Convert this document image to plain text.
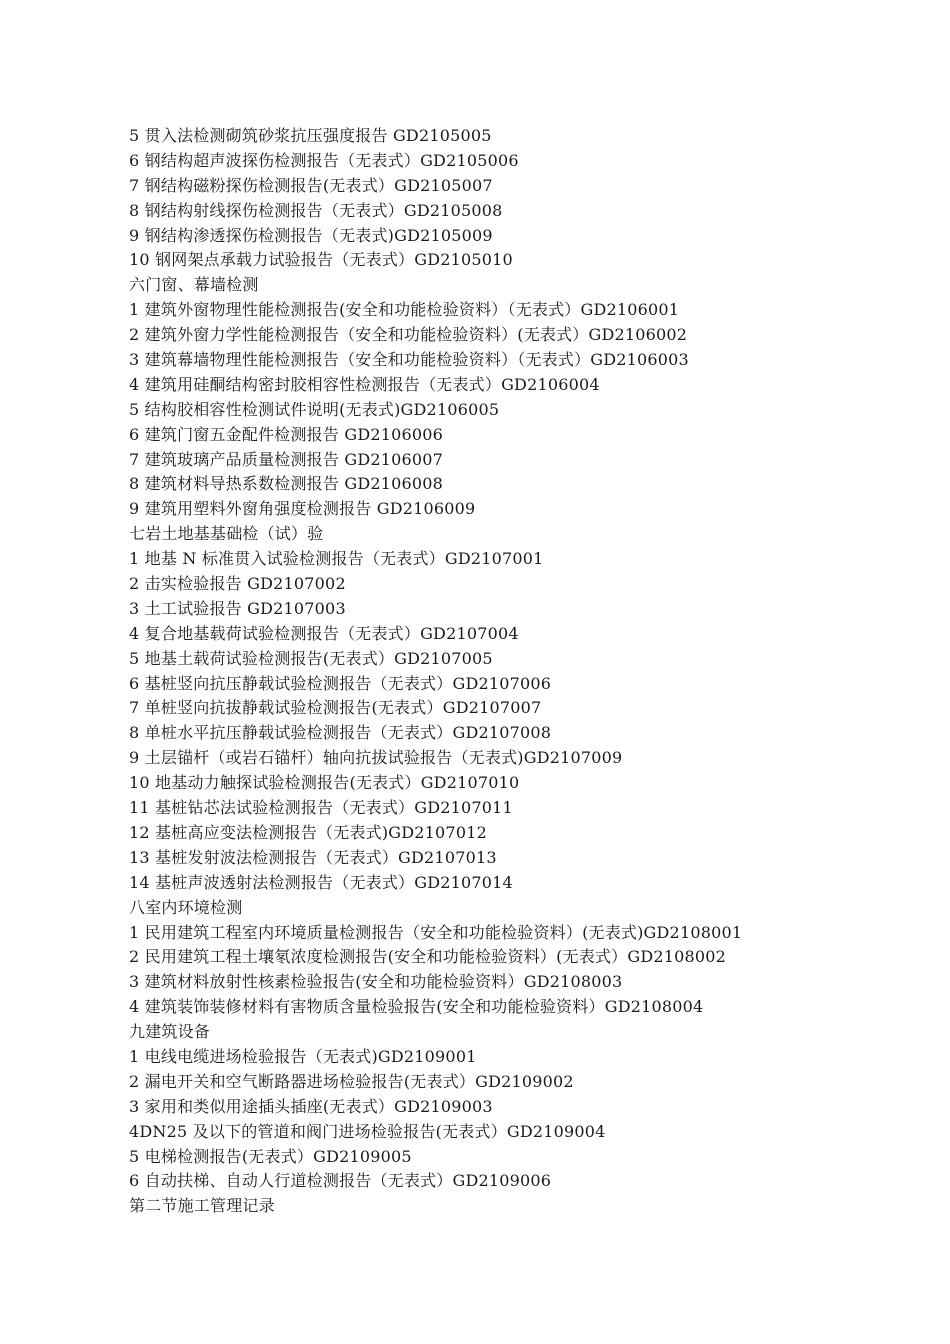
5 贯入法检测砌筑砂浆抗压强度报告 GD2105005
6 钢结构超声波探伤检测报告（无表式）GD2105006
7 钢结构磁粉探伤检测报告(无表式）GD2105007
8 钢结构射线探伤检测报告（无表式）GD2105008
9 钢结构渗透探伤检测报告（无表式)GD2105009
10 钢网架点承载力试验报告（无表式）GD2105010
六门窗、幕墙检测
1 建筑外窗物理性能检测报告(安全和功能检验资料）（无表式）GD2106001
2 建筑外窗力学性能检测报告（安全和功能检验资料）(无表式）GD2106002
3 建筑幕墙物理性能检测报告（安全和功能检验资料）（无表式）GD2106003
4 建筑用硅酮结构密封胶相容性检测报告（无表式）GD2106004
5 结构胶相容性检测试件说明(无表式)GD2106005
6 建筑门窗五金配件检测报告 GD2106006
7 建筑玻璃产品质量检测报告 GD2106007
8 建筑材料导热系数检测报告 GD2106008
9 建筑用塑料外窗角强度检测报告 GD2106009
七岩土地基基础检（试）验
1 地基 N 标准贯入试验检测报告（无表式）GD2107001
2 击实检验报告 GD2107002
3 土工试验报告 GD2107003
4 复合地基载荷试验检测报告（无表式）GD2107004
5 地基土载荷试验检测报告(无表式）GD2107005
6 基桩竖向抗压静载试验检测报告（无表式）GD2107006
7 单桩竖向抗拔静载试验检测报告(无表式）GD2107007
8 单桩水平抗压静载试验检测报告（无表式）GD2107008
9 土层锚杆（或岩石锚杆）轴向抗拔试验报告（无表式)GD2107009
10 地基动力触探试验检测报告(无表式）GD2107010
11 基桩钻芯法试验检测报告（无表式）GD2107011
12 基桩高应变法检测报告（无表式)GD2107012
13 基桩发射波法检测报告（无表式）GD2107013
14 基桩声波透射法检测报告（无表式）GD2107014
八室内环境检测
1 民用建筑工程室内环境质量检测报告（安全和功能检验资料）(无表式)GD2108001
2 民用建筑工程土壤氡浓度检测报告(安全和功能检验资料）(无表式）GD2108002
3 建筑材料放射性核素检验报告(安全和功能检验资料）GD2108003
4 建筑装饰装修材料有害物质含量检验报告(安全和功能检验资料）GD2108004
九建筑设备
1 电线电缆进场检验报告（无表式)GD2109001
2 漏电开关和空气断路器进场检验报告(无表式）GD2109002
3 家用和类似用途插头插座(无表式）GD2109003
4DN25 及以下的管道和阀门进场检验报告(无表式）GD2109004
5 电梯检测报告(无表式）GD2109005
6 自动扶梯、自动人行道检测报告（无表式）GD2109006
第二节施工管理记录
